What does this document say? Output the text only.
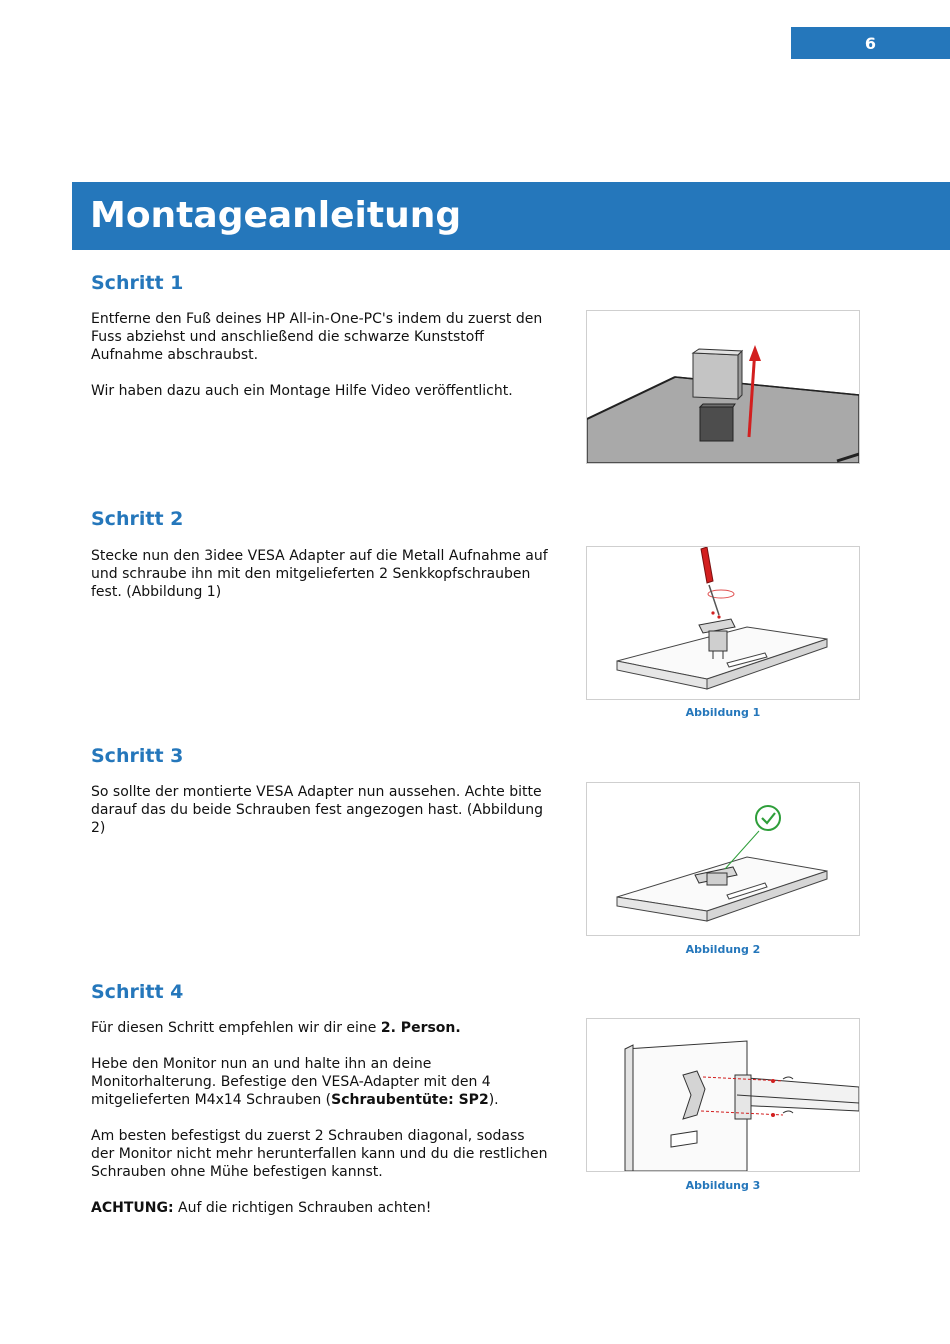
6
Montageanleitung
Schritt 1

Entferne den Fuß deines HP All-in-One-PC's indem du zuerst den Fuss abziehst und anschließend die schwarze Kunststoff Aufnahme abschraubst.

Wir haben dazu auch ein Montage Hilfe Video veröffentlicht.

Schritt 2

Stecke nun den 3idee VESA Adapter auf die Metall Aufnahme auf und schraube ihn mit den mitgelieferten 2 Senkkopfschrauben fest. (Abbildung 1)

Abbildung 1
Schritt 3

So sollte der montierte VESA Adapter nun aussehen. Achte bitte darauf das du beide Schrauben fest angezogen hast. (Abbildung 2)

Abbildung 2
Schritt 4

Für diesen Schritt empfehlen wir dir eine 2. Person.

Hebe den Monitor nun an und halte ihn an deine Monitorhalterung. Befestige den VESA-Adapter mit den 4 mitgelieferten M4x14 Schrauben (Schraubentüte: SP2).

Am besten befestigst du zuerst 2 Schrauben diagonal, sodass der Monitor nicht mehr herunterfallen kann und du die restlichen Schrauben ohne Mühe befestigen kannst.

ACHTUNG: Auf die richtigen Schrauben achten!

Abbildung 3
